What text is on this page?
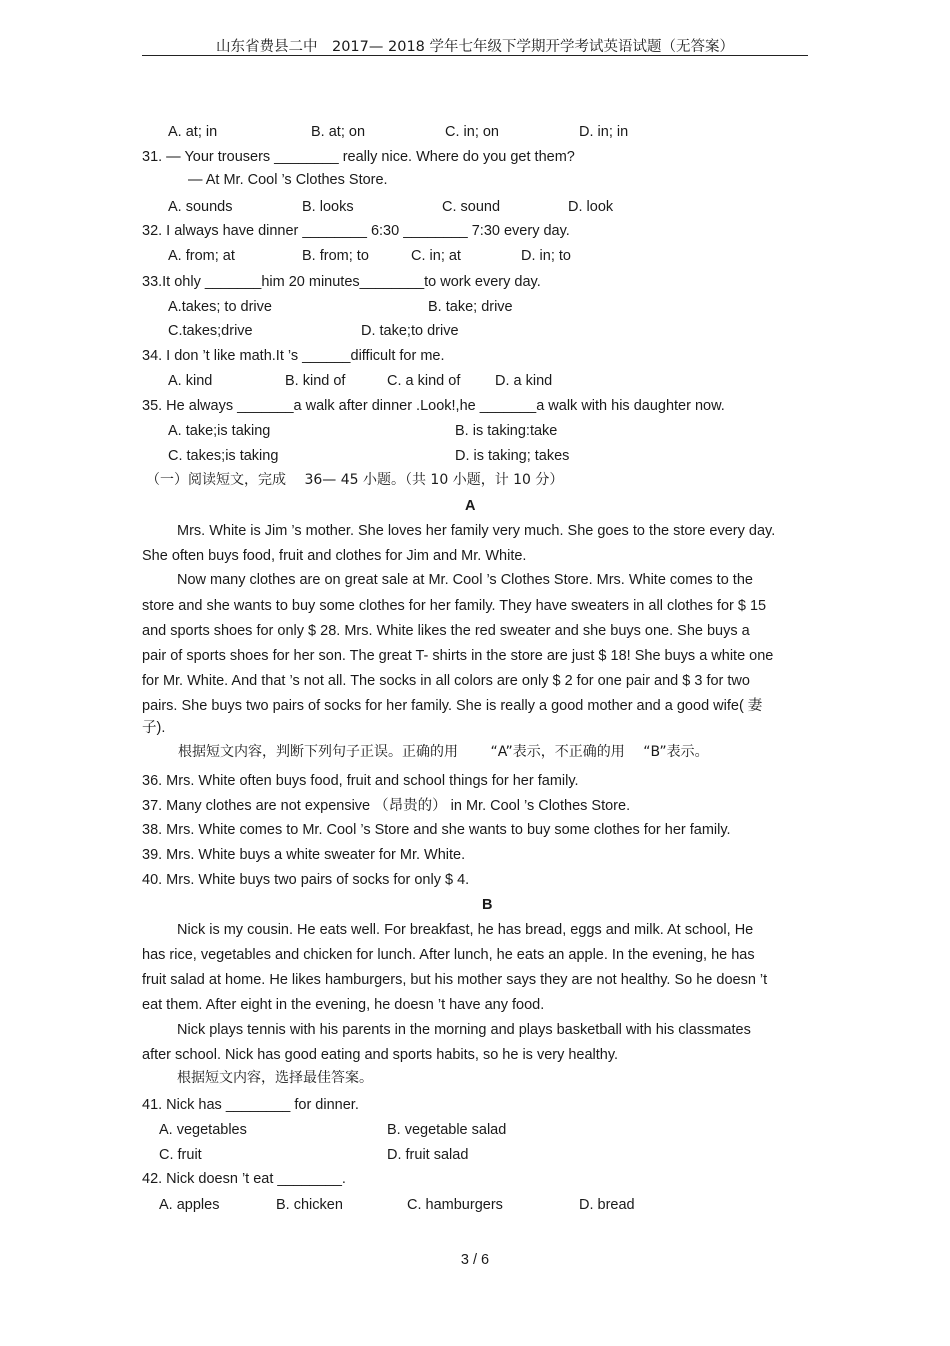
山东省费县二中　2017— 2018 学年七年级下学期开学考试英语试题（无答案）
A. at; in	B. at; on	C. in; on	D. in; in
31. — Your trousers ________ really nice. Where do you get them?
— At Mr. Cool ’s Clothes Store.
A. sounds	B. looks	C. sound	D. look
32. I always have dinner ________ 6:30 ________ 7:30 every day.
A. from; at	B. from; to	C. in; at	D. in; to
33.It ohly _______him 20 minutes________to work every day.
A.takes; to drive	B. take; drive
C.takes;drive	D. take;to drive
34. I don ’t like math.It ’s ______difficult for me.
A. kind	B. kind of	C. a kind of D. a kind
35. He always _______a walk after dinner .Look!,he _______a walk with his daughter now.
A. take;is taking	B. is taking:take
C. takes;is taking	D. is taking; takes
（一）阅读短文，完成　 36— 45 小题。（共 10 小题，计 10 分）
A
Mrs. White is Jim ’s mother. She loves her family very much. She goes to the store every day.
She often buys food, fruit and clothes for Jim and Mr. White.
Now many clothes are on great sale at Mr. Cool ’s Clothes Store. Mrs. White comes to the
store and she wants to buy some clothes for her family. They have sweaters in all clothes for $ 15
and sports shoes for only $ 28. Mrs. White likes the red sweater and she buys one. She buys a
pair of sports shoes for her son. The great T- shirts in the store are just $ 18! She buys a white one
for Mr. White. And that ’s not all. The socks in all colors are only $ 2 for one pair and $ 3 for two
pairs. She buys two pairs of socks for her family. She is really a good mother and a good wife( 妻
子).
根据短文内容，判断下列句子正误。正确的用　　 “A”表示，不正确的用　 “B”表示。
36. Mrs. White often buys food, fruit and school things for her family.
37. Many clothes are not expensive （昂贵的） in Mr. Cool ’s Clothes Store.
38. Mrs. White comes to Mr. Cool ’s Store and she wants to buy some clothes for her family.
39. Mrs. White buys a white sweater for Mr. White.
40. Mrs. White buys two pairs of socks for only $ 4.
B
Nick is my cousin. He eats well. For breakfast, he has bread, eggs and milk. At school, He
has rice, vegetables and chicken for lunch. After lunch, he eats an apple. In the evening, he has
fruit salad at home. He likes hamburgers, but his mother says they are not healthy. So he doesn ’t
eat them. After eight in the evening, he doesn ’t have any food.
Nick plays tennis with his parents in the morning and plays basketball with his classmates
after school. Nick has good eating and sports habits, so he is very healthy.
根据短文内容，选择最佳答案。
41. Nick has ________ for dinner.
A. vegetables	B. vegetable salad
C. fruit	D. fruit salad
42. Nick doesn ’t eat ________.
A. apples	B. chicken	C. hamburgers	D. bread
3 / 6
